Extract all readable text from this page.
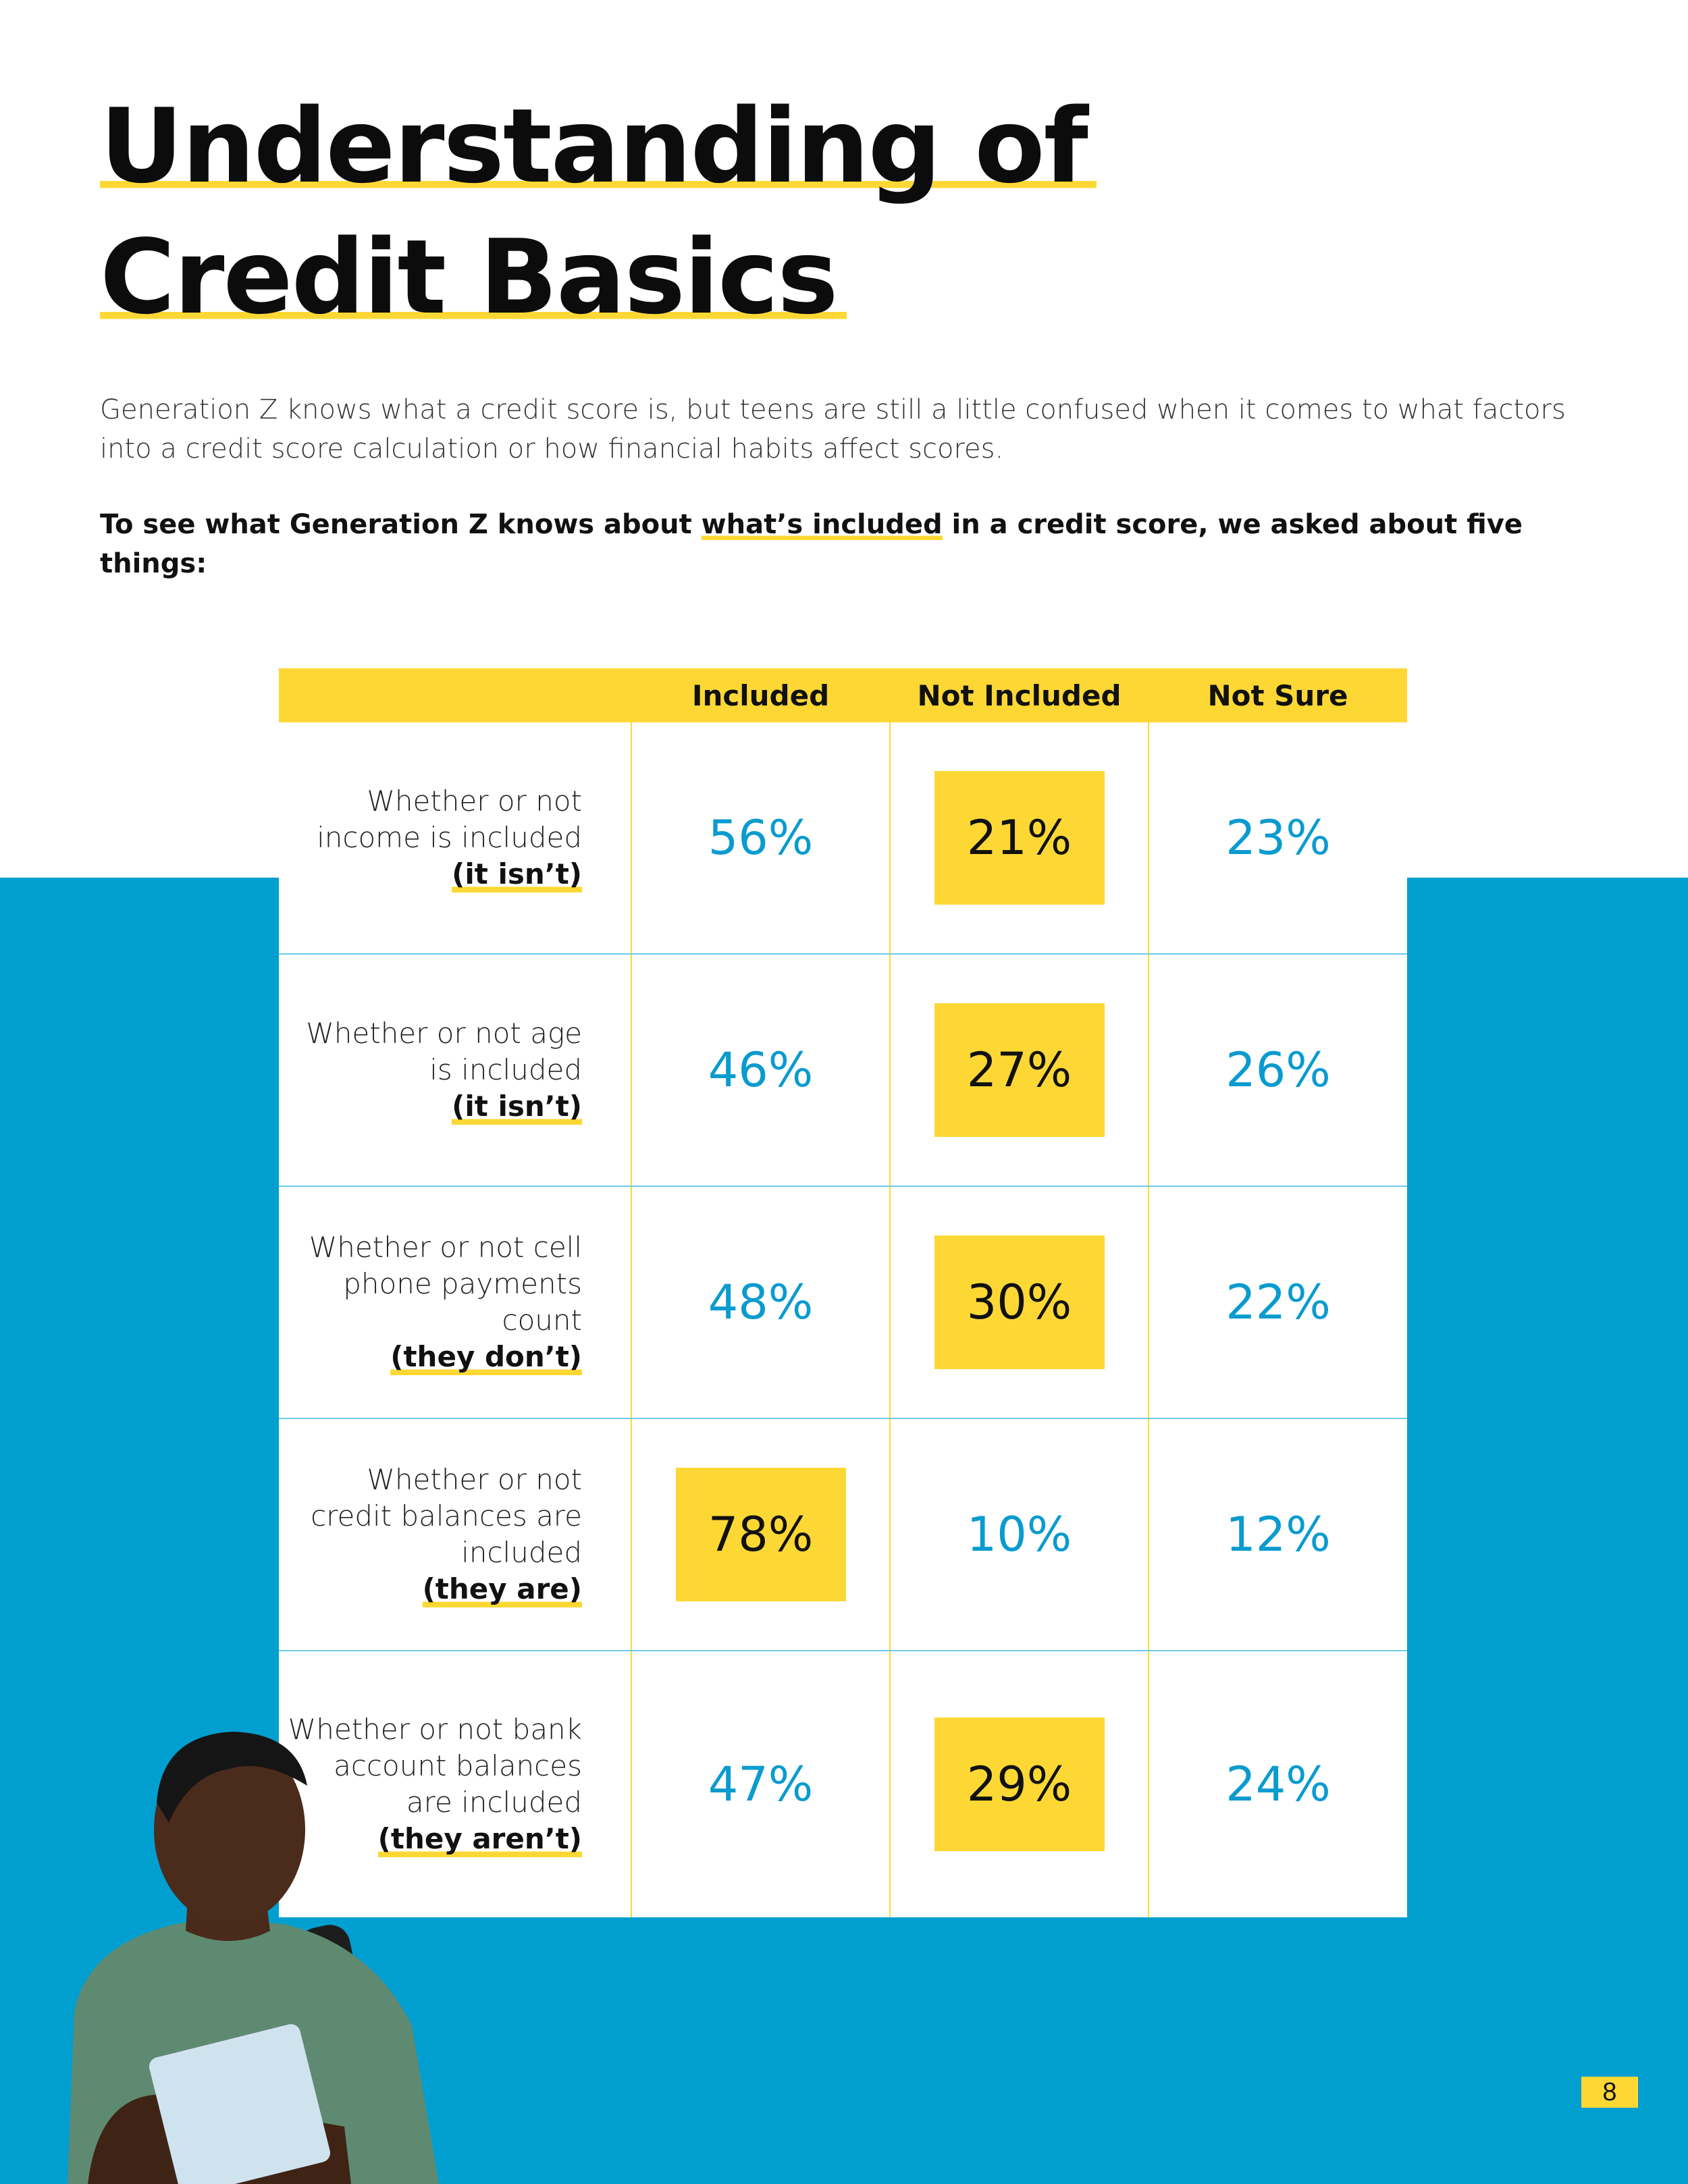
Understanding of
Credit Basics

Generation Z knows what a credit score is, but teens are still a little confused when it comes to what factors into a credit score calculation or how financial habits affect scores.

To see what Generation Z knows about what’s included in a credit score, we asked about five things:

	Included	Not Included	Not Sure

Whether or not income is included
(it isn’t)	56%	21%	23%

Whether or not age is included
(it isn’t)	46%	27%	26%

Whether or not cell phone payments count
(they don’t)	48%	30%	22%

Whether or not credit balances are included
(they are)	78%	10%	12%

Whether or not bank account balances are included
(they aren’t)	47%	29%	24%
8
